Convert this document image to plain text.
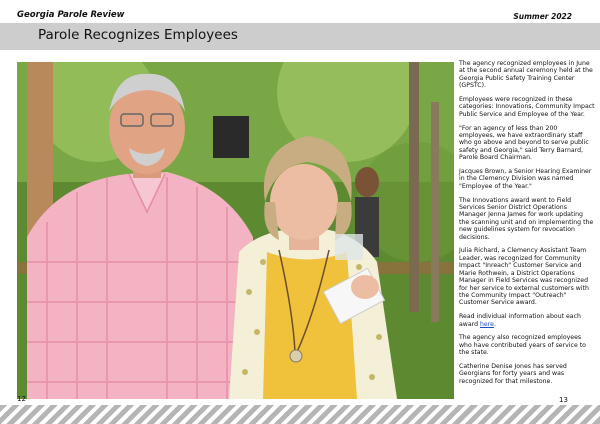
Georgia Parole Review	Summer 2022
Parole Recognizes Employees

The agency recognized employees in June at the second annual ceremony held at the Georgia Public Safety Training Center (GPSTC).

Employees were recognized in these categories: Innovations, Community Impact Public Service and Employee of the Year.

"For an agency of less than 200 employees, we have extraordinary staff who go above and beyond to serve public safety and Georgia," said Terry Barnard, Parole Board Chairman.

Jacques Brown, a Senior Hearing Examiner in the Clemency Division was named "Employee of the Year."

The Innovations award went to Field Services Senior District Operations Manager Jenna James for work updating the scanning unit and on implementing the new guidelines system for revocation decisions.

Julia Richard, a Clemency Assistant Team Leader, was recognized for Community Impact "Inreach" Customer Service and Marie Rothwein, a District Operations Manager in Field Services was recognized for her service to external customers with the Community Impact "Outreach" Customer Service award.

Read individual information about each award here.

The agency also recognized employees who have contributed years of service to the state.

Catherine Denise Jones has served Georgians for forty years and was recognized for that milestone.

12	13
